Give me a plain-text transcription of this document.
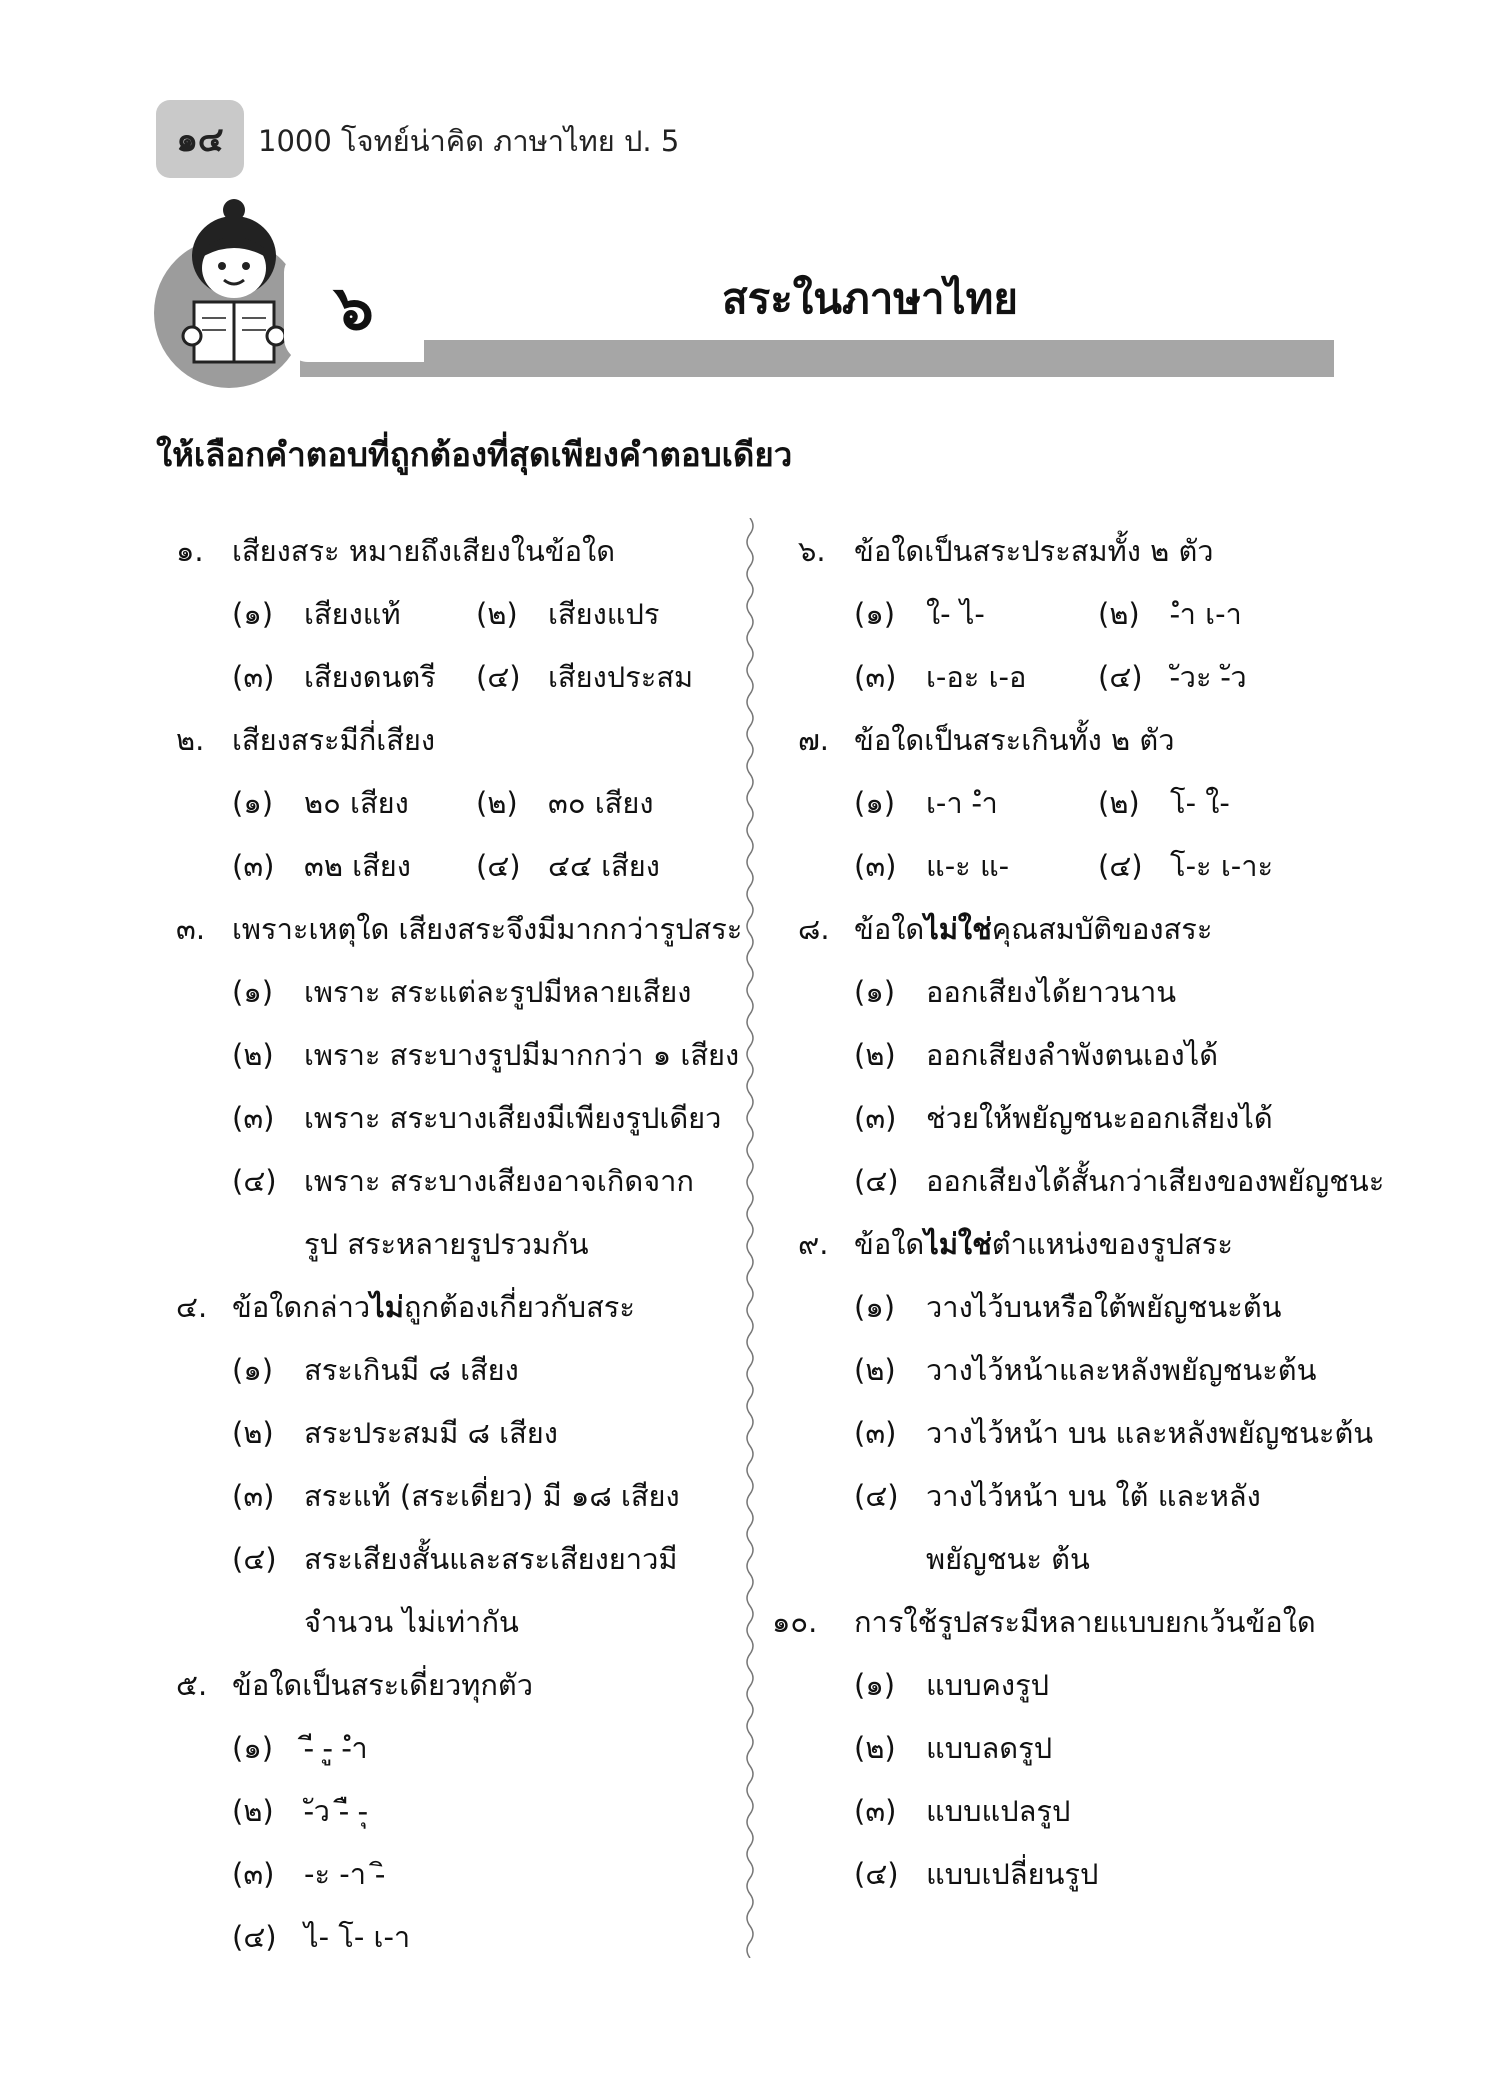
๑๔	1000 โจทย์น่าคิด ภาษาไทย ป. 5
๖	สระในภาษาไทย
ให้เลือกคำตอบที่ถูกต้องที่สุดเพียงคำตอบเดียว
๑. เสียงสระ หมายถึงเสียงในข้อใด
(๑)	เสียงแท้	(๒)	เสียงแปร
(๓)	เสียงดนตรี (๔) เสียงประสม
๒. เสียงสระมีกี่เสียง
(๑)	๒๐ เสียง (๒)	๓๐ เสียง
(๓)	๓๒ เสียง (๔) ๔๔ เสียง
๓. เพราะเหตุใด เสียงสระจึงมีมากกว่ารูปสระ
(๑)	เพราะ สระแต่ละรูปมีหลายเสียง
(๒)	เพราะ สระบางรูปมีมากกว่า ๑ เสียง
(๓)	เพราะ สระบางเสียงมีเพียงรูปเดียว
(๔) เพราะ สระบางเสียงอาจเกิดจากรูป สระหลายรูปรวมกัน
๔. ข้อใดกล่าวไม่ถูกต้องเกี่ยวกับสระ
(๑)	สระเกินมี ๘ เสียง
(๒)	สระประสมมี ๘ เสียง
(๓)	สระแท้ (สระเดี่ยว) มี ๑๘ เสียง
(๔) สระเสียงสั้นและสระเสียงยาวมีจำนวน ไม่เท่ากัน
๕. ข้อใดเป็นสระเดี่ยวทุกตัว
(๑)	-ี -ู -ำ
(๒)	-ัว -ื -ุ
(๓)	-ะ -า -ิ
(๔) ไ- โ- เ-า
๖. ข้อใดเป็นสระประสมทั้ง ๒ ตัว
(๑)	ใ- ไ-	(๒)	-ำ เ-า
(๓)	เ-อะ เ-อ (๔) -ัวะ -ัว
๗. ข้อใดเป็นสระเกินทั้ง ๒ ตัว
(๑)	เ-า -ำ	(๒)	โ- ใ-
(๓)	แ-ะ แ-	(๔) โ-ะ เ-าะ
๘. ข้อใดไม่ใช่คุณสมบัติของสระ
(๑)	ออกเสียงได้ยาวนาน
(๒)	ออกเสียงลำพังตนเองได้
(๓)	ช่วยให้พยัญชนะออกเสียงได้
(๔) ออกเสียงได้สั้นกว่าเสียงของพยัญชนะ
๙. ข้อใดไม่ใช่ตำแหน่งของรูปสระ
(๑)	วางไว้บนหรือใต้พยัญชนะต้น
(๒)	วางไว้หน้าและหลังพยัญชนะต้น
(๓)	วางไว้หน้า บน และหลังพยัญชนะต้น
(๔) วางไว้หน้า บน ใต้ และหลังพยัญชนะ ต้น
๑๐.	การใช้รูปสระมีหลายแบบยกเว้นข้อใด
(๑)	แบบคงรูป
(๒)	แบบลดรูป
(๓)	แบบแปลรูป
(๔) แบบเปลี่ยนรูป
